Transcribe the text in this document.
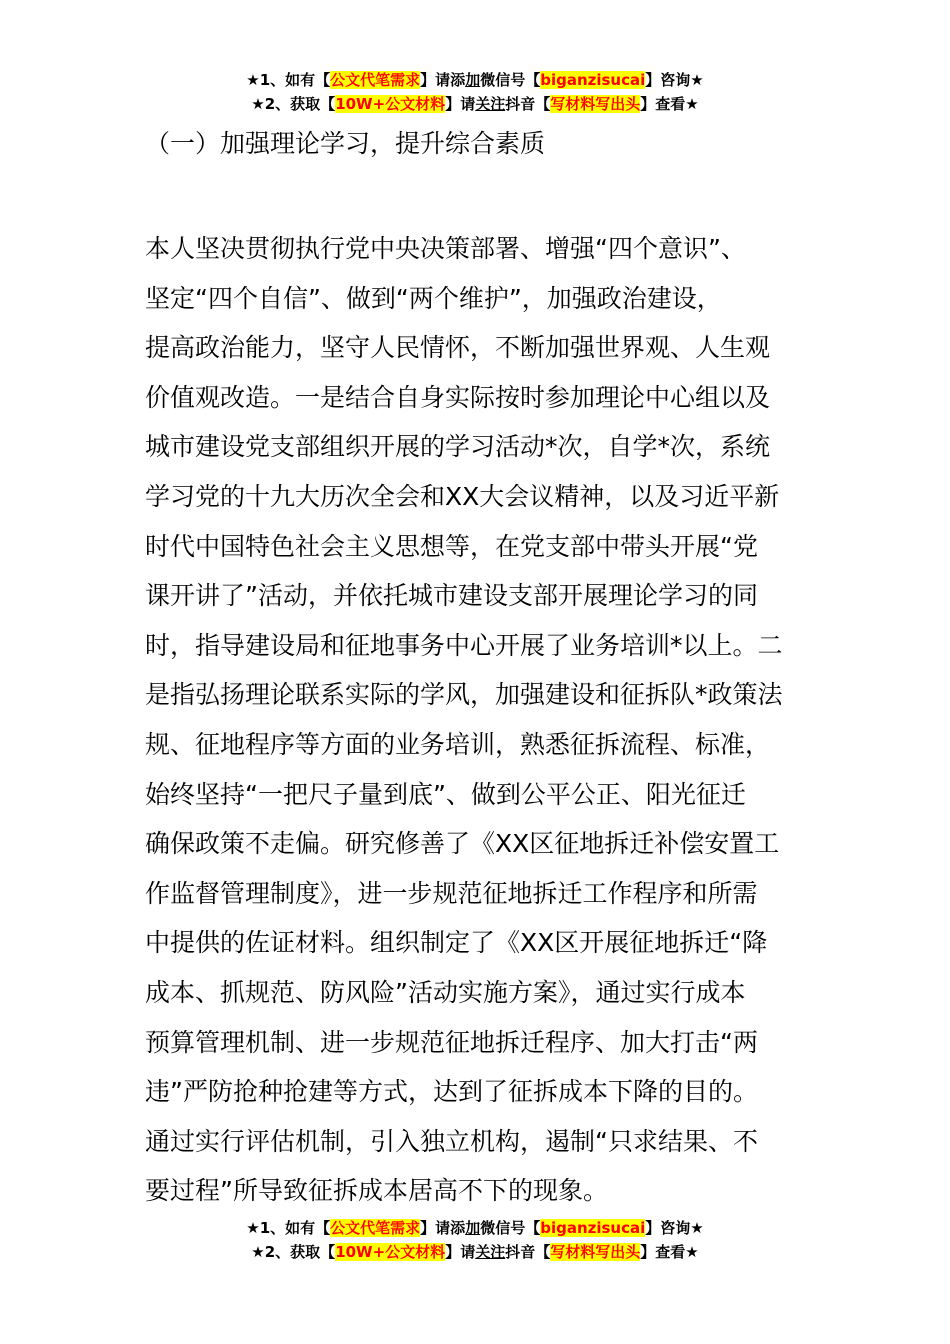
★1、如有【公文代笔需求】请添加微信号【biganzisucai】咨询★
★2、获取【10W+公文材料】请关注抖音【写材料写出头】查看★
（一）加强理论学习，提升综合素质
本人坚决贯彻执行党中央决策部署、增强“四个意识”、
坚定“四个自信”、做到“两个维护”，加强政治建设，
提高政治能力，坚守人民情怀，不断加强世界观、人生观
价值观改造。一是结合自身实际按时参加理论中心组以及
城市建设党支部组织开展的学习活动*次，自学*次，系统
学习党的十九大历次全会和XX大会议精神，以及习近平新
时代中国特色社会主义思想等，在党支部中带头开展“党
课开讲了”活动，并依托城市建设支部开展理论学习的同
时，指导建设局和征地事务中心开展了业务培训*以上。二
是指弘扬理论联系实际的学风，加强建设和征拆队*政策法
规、征地程序等方面的业务培训，熟悉征拆流程、标准，
始终坚持“一把尺子量到底”、做到公平公正、阳光征迁
确保政策不走偏。研究修善了《XX区征地拆迁补偿安置工
作监督管理制度》，进一步规范征地拆迁工作程序和所需
中提供的佐证材料。组织制定了《XX区开展征地拆迁“降
成本、抓规范、防风险”活动实施方案》，通过实行成本
预算管理机制、进一步规范征地拆迁程序、加大打击“两
违”严防抢种抢建等方式，达到了征拆成本下降的目的。
通过实行评估机制，引入独立机构，遏制“只求结果、不
要过程”所导致征拆成本居高不下的现象。
★1、如有【公文代笔需求】请添加微信号【biganzisucai】咨询★
★2、获取【10W+公文材料】请关注抖音【写材料写出头】查看★
